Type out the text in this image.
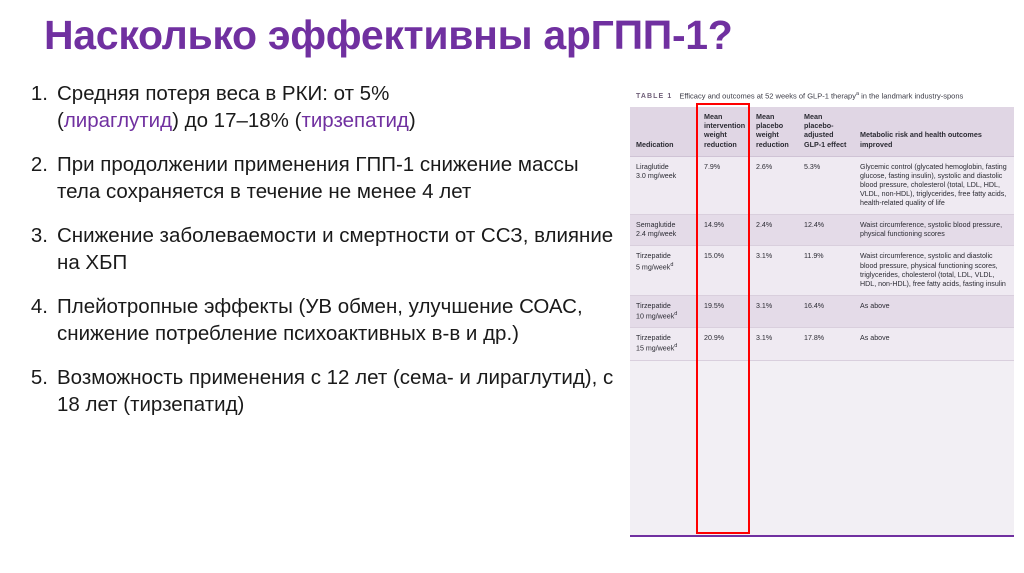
Насколько эффективны арГПП-1?
1. Средняя потеря веса в РКИ: от 5%
(лираглутид) до 17–18% (тирзепатид)
2. При продолжении применения ГПП-1 снижение массы тела сохраняется в течение не менее 4 лет
3. Снижение заболеваемости и смертности от ССЗ, влияние на ХБП
4. Плейотропные эффекты (УВ обмен, улучшение СОАС, снижение потребление психоактивных в-в и др.)
5. Возможность применения с 12 лет (сема- и лираглутид), с 18 лет (тирзепатид)
TABLE 1 Efficacy and outcomes at 52 weeks of GLP-1 therapy$^a$ in the landmark industry-spons
Medication	Mean intervention weight reduction	Mean placebo weight reduction	Mean placebo-adjusted GLP-1 effect	Metabolic risk and health outcomes improved
Liraglutide
3.0 mg/week	7.9%	2.6%	5.3%	Glycemic control (glycated hemoglobin, fasting glucose, fasting insulin), systolic and diastolic blood pressure, cholesterol (total, LDL, HDL, VLDL, non-HDL), triglycerides, free fatty acids, health-related quality of life
Semaglutide
2.4 mg/week	14.9%	2.4%	12.4%	Waist circumference, systolic blood pressure, physical functioning scores
Tirzepatide
5 mg/week$^d$	15.0%	3.1%	11.9%	Waist circumference, systolic and diastolic blood pressure, physical functioning scores, triglycerides, cholesterol (total, LDL, VLDL, HDL, non-HDL), free fatty acids, fasting insulin
Tirzepatide
10 mg/week$^d$	19.5%	3.1%	16.4%	As above
Tirzepatide
15 mg/week$^d$	20.9%	3.1%	17.8%	As above
